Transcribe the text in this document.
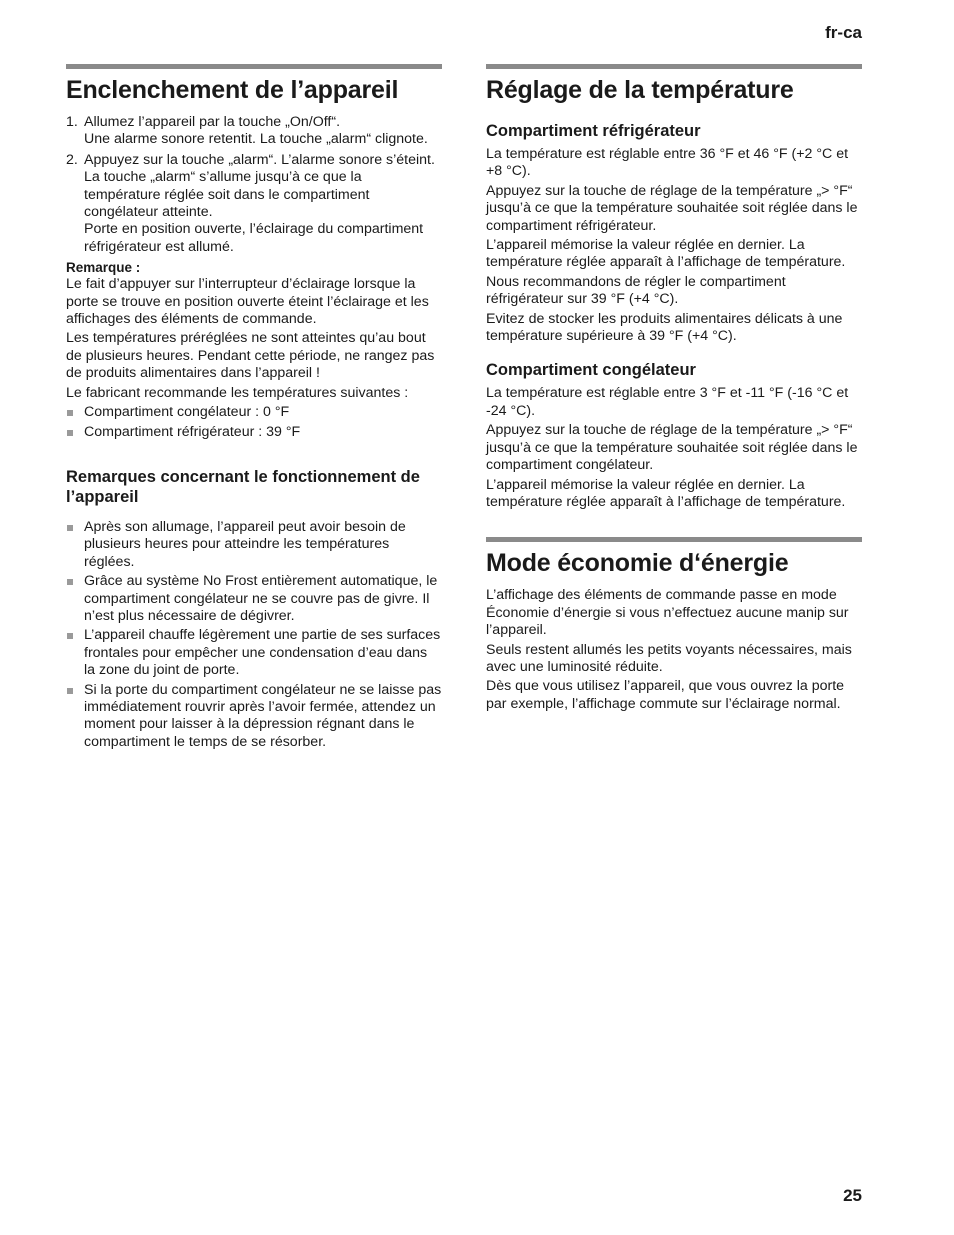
fr-ca
Enclenchement de l’appareil
1. Allumez l’appareil par la touche „On/Off“.

Une alarme sonore retentit. La touche „alarm“ clignote.

2. Appuyez sur la touche „alarm“. L’alarme sonore s’éteint.

La touche „alarm“ s’allume jusqu’à ce que la température réglée soit dans le compartiment congélateur atteinte.

Porte en position ouverte, l’éclairage du compartiment réfrigérateur est allumé.

Remarque :

Le fait d’appuyer sur l’interrupteur d’éclairage lorsque la porte se trouve en position ouverte éteint l’éclairage et les affichages des éléments de commande.

Les températures préréglées ne sont atteintes qu’au bout de plusieurs heures. Pendant cette période, ne rangez pas de produits alimentaires dans l’appareil !

Le fabricant recommande les températures suivantes :

Compartiment congélateur : 0 °F
Compartiment réfrigérateur : 39 °F
Remarques concernant le fonctionnement de l’appareil
Après son allumage, l’appareil peut avoir besoin de plusieurs heures pour atteindre les températures réglées.
Grâce au système No Frost entièrement automatique, le compartiment congélateur ne se couvre pas de givre. Il n’est plus nécessaire de dégivrer.
L’appareil chauffe légèrement une partie de ses surfaces frontales pour empêcher une condensation d’eau dans la zone du joint de porte.
Si la porte du compartiment congélateur ne se laisse pas immédiatement rouvrir après l’avoir fermée, attendez un moment pour laisser à la dépression régnant dans le compartiment le temps de se résorber.
Réglage de la température
Compartiment réfrigérateur

La température est réglable entre 36 °F et 46 °F (+2 °C et +8 °C).

Appuyez sur la touche de réglage de la température „> °F“ jusqu’à ce que la température souhaitée soit réglée dans le compartiment réfrigérateur.

L’appareil mémorise la valeur réglée en dernier. La température réglée apparaît à l’affichage de température.

Nous recommandons de régler le compartiment réfrigérateur sur 39 °F (+4 °C).

Evitez de stocker les produits alimentaires délicats à une température supérieure à 39 °F (+4 °C).

Compartiment congélateur

La température est réglable entre 3 °F et -11 °F (-16 °C et -24 °C).

Appuyez sur la touche de réglage de la température „> °F“ jusqu’à ce que la température souhaitée soit réglée dans le compartiment congélateur.

L’appareil mémorise la valeur réglée en dernier. La température réglée apparaît à l’affichage de température.

Mode économie d‘énergie

L’affichage des éléments de commande passe en mode Économie d’énergie si vous n’effectuez aucune manip sur l’appareil.

Seuls restent allumés les petits voyants nécessaires, mais avec une luminosité réduite.

Dès que vous utilisez l’appareil, que vous ouvrez la porte par exemple, l’affichage commute sur l’éclairage normal.

25
